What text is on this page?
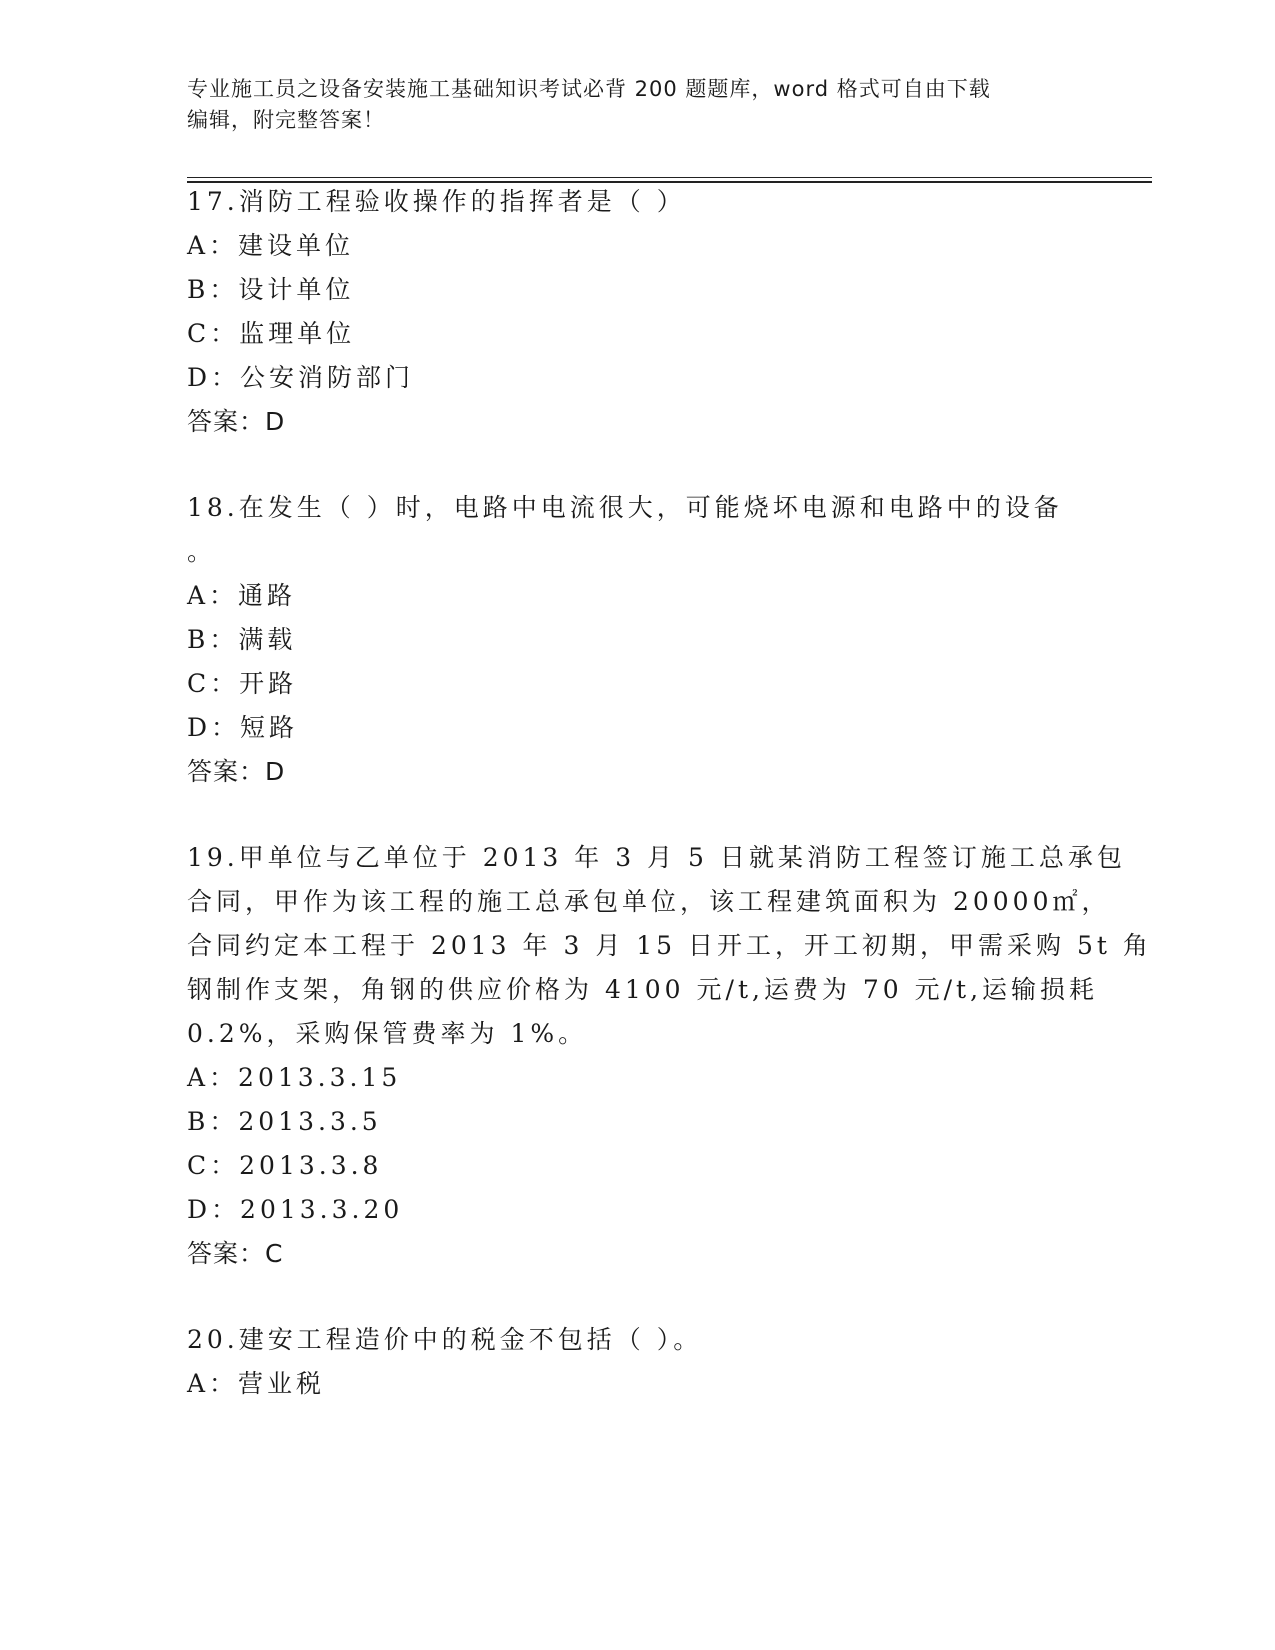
专业施工员之设备安装施工基础知识考试必背 200 题题库，word 格式可自由下载
编辑，附完整答案！
17.消防工程验收操作的指挥者是（ ）
A：建设单位
B：设计单位
C：监理单位
D：公安消防部门
答案：D
18.在发生（ ）时，电路中电流很大，可能烧坏电源和电路中的设备
。
A：通路
B：满载
C：开路
D：短路
答案：D
19.甲单位与乙单位于 2013 年 3 月 5 日就某消防工程签订施工总承包
合同，甲作为该工程的施工总承包单位，该工程建筑面积为 20000㎡，
合同约定本工程于 2013 年 3 月 15 日开工，开工初期，甲需采购 5t 角
钢制作支架，角钢的供应价格为 4100 元/t,运费为 70 元/t,运输损耗
0.2%，采购保管费率为 1%。
A：2013.3.15
B：2013.3.5
C：2013.3.8
D：2013.3.20
答案：C
20.建安工程造价中的税金不包括（ ）。
A：营业税
